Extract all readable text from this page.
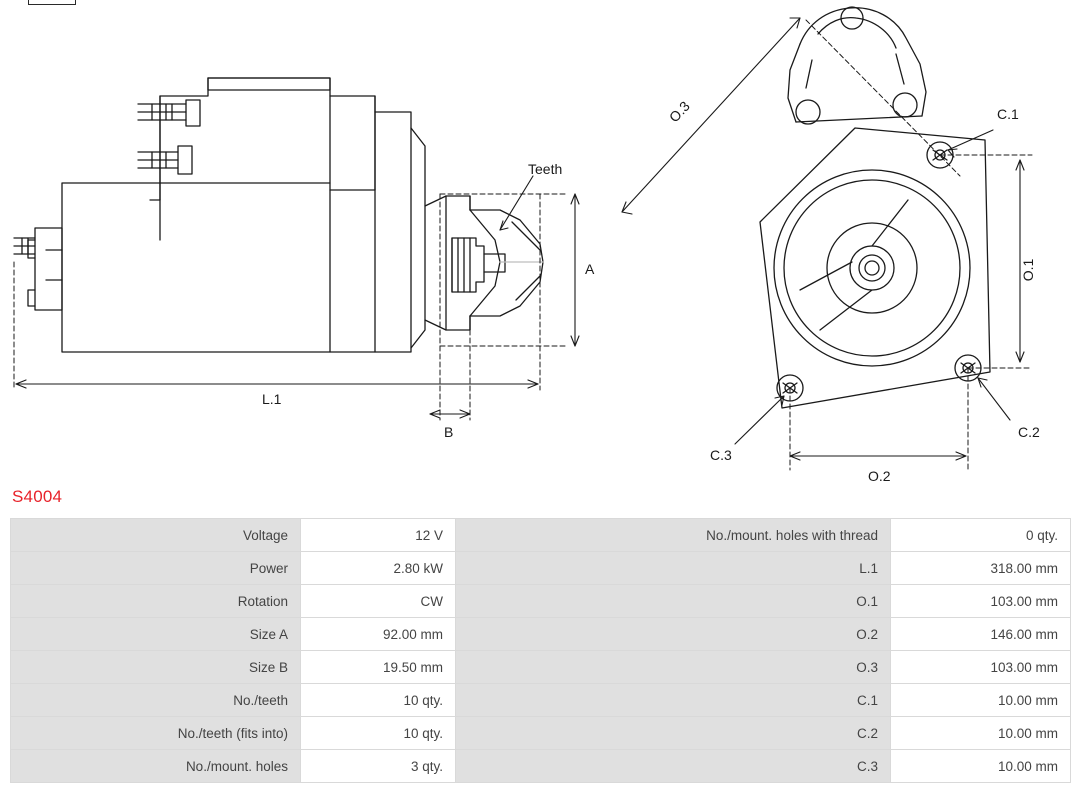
Teeth
A
B
L.1
O.1
O.2
O.3	C.1
C.2
C.3
S4004
Voltage	12 V	No./mount. holes with thread	0 qty.
Power	2.80 kW	L.1	318.00 mm
Rotation	CW	O.1	103.00 mm
Size A	92.00 mm	O.2	146.00 mm
Size B	19.50 mm	O.3	103.00 mm
No./teeth	10 qty.	C.1	10.00 mm
No./teeth (fits into)	10 qty.	C.2	10.00 mm
No./mount. holes	3 qty.	C.3	10.00 mm
